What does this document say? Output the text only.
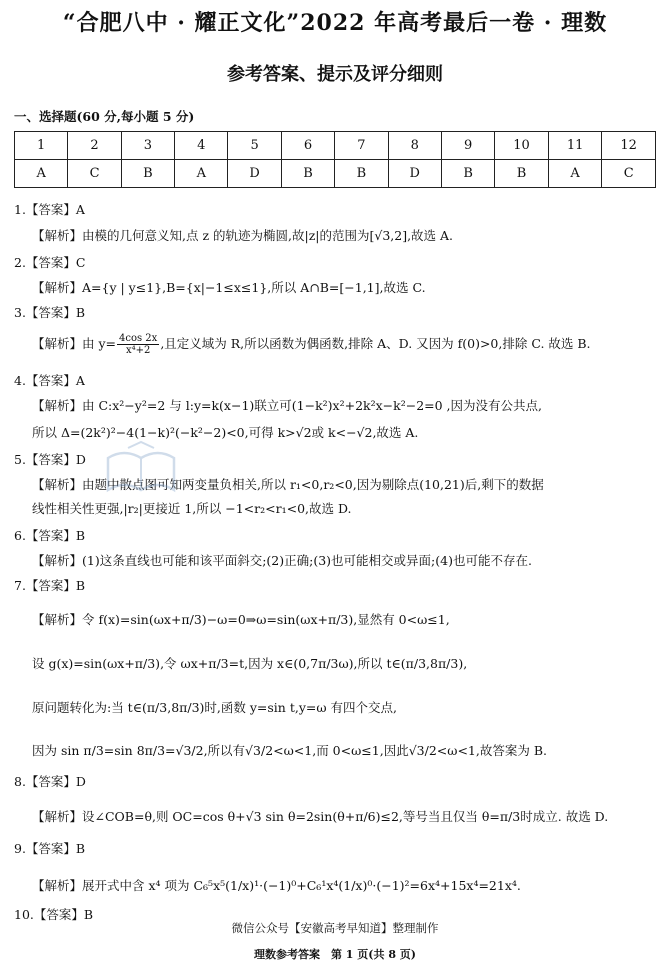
“合肥八中 · 耀正文化”2022 年高考最后一卷 · 理数
参考答案、提示及评分细则
一、选择题(60 分,每小题 5 分)
1	2	3	4	5	6	7	8	9	10	11	12
A	C	B	A	D	B	B	D	B	B	A	C
1.【答案】A
【解析】由模的几何意义知,点 z 的轨迹为椭圆,故|z|的范围为[√3,2],故选 A.
2.【答案】C
【解析】A={y | y≤1},B={x|−1≤x≤1},所以 A∩B=[−1,1],故选 C.
3.【答案】B
【解析】由 $y= \frac{4\cos 2x}{\text{x⁴+2}}$ ,且定义域为 R,所以函数为偶函数,排除 A、D. 又因为 f(0)>0,排除 C. 故选 B.
4.【答案】A
【解析】由 C:x²−y²=2 与 l:y=k(x−1)联立可(1−k²)x²+2k²x−k²−2=0 ,因为没有公共点,
所以 Δ=(2k²)²−4(1−k)²(−k²−2)<0,可得 k>√2或 k<−√2,故选 A.
5.【答案】D
【解析】由题中散点图可知两变量负相关,所以 r₁<0,r₂<0,因为剔除点(10,21)后,剩下的数据
线性相关性更强,|r₂|更接近 1,所以 −1<r₂<r₁<0,故选 D.
6.【答案】B
【解析】(1)这条直线也可能和该平面斜交;(2)正确;(3)也可能相交或异面;(4)也可能不存在.
7.【答案】B
【解析】令 f(x)=sin(ωx+π/3)−ω=0⇒ω=sin(ωx+π/3),显然有 0<ω≤1,
设 g(x)=sin(ωx+π/3),令 ωx+π/3=t,因为 x∈(0,7π/3ω),所以 t∈(π/3,8π/3),
原问题转化为:当 t∈(π/3,8π/3)时,函数 y=sin t,y=ω 有四个交点,
因为 sin π/3=sin 8π/3=√3/2,所以有√3/2<ω<1,而 0<ω≤1,因此√3/2<ω<1,故答案为 B.
8.【答案】D
【解析】设∠COB=θ,则 OC=cos θ+√3 sin θ=2sin(θ+π/6)≤2,等号当且仅当 θ=π/3时成立. 故选 D.
9.【答案】B
【解析】展开式中含 x⁴ 项为 C₆⁵x⁵(1/x)¹·(−1)⁰+C₆¹x⁴(1/x)⁰·(−1)²=6x⁴+15x⁴=21x⁴.
10.【答案】B
微信公众号【安徽高考早知道】整理制作
理数参考答案　第 1 页(共 8 页)
